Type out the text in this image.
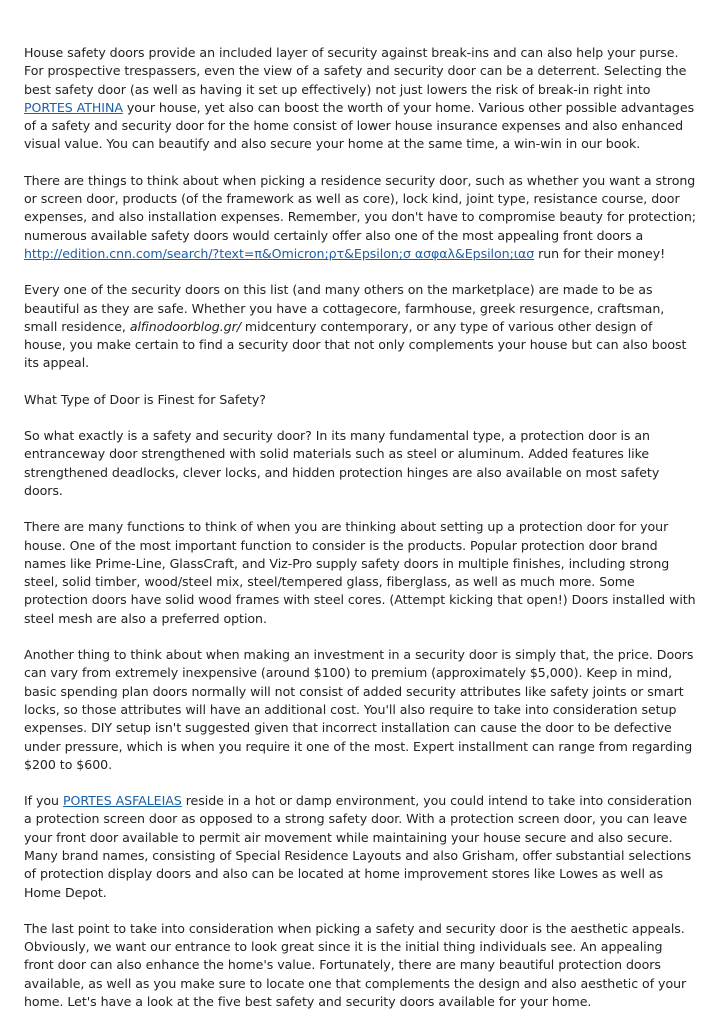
House safety doors provide an included layer of security against break-ins and can also help your purse. For prospective trespassers, even the view of a safety and security door can be a deterrent. Selecting the best safety door (as well as having it set up effectively) not just lowers the risk of break-in right into PORTES ATHINA your house, yet also can boost the worth of your home. Various other possible advantages of a safety and security door for the home consist of lower house insurance expenses and also enhanced visual value. You can beautify and also secure your home at the same time, a win-win in our book.

There are things to think about when picking a residence security door, such as whether you want a strong or screen door, products (of the framework as well as core), lock kind, joint type, resistance course, door expenses, and also installation expenses. Remember, you don't have to compromise beauty for protection; numerous available safety doors would certainly offer also one of the most appealing front doors a http://edition.cnn.com/search/?text=π&Omicron;ρτ&Epsilon;σ ασφαλ&Epsilon;ιασ run for their money!

Every one of the security doors on this list (and many others on the marketplace) are made to be as beautiful as they are safe. Whether you have a cottagecore, farmhouse, greek resurgence, craftsman, small residence, alfinodoorblog.gr/ midcentury contemporary, or any type of various other design of house, you make certain to find a security door that not only complements your house but can also boost its appeal.

What Type of Door is Finest for Safety?

So what exactly is a safety and security door? In its many fundamental type, a protection door is an entranceway door strengthened with solid materials such as steel or aluminum. Added features like strengthened deadlocks, clever locks, and hidden protection hinges are also available on most safety doors.

There are many functions to think of when you are thinking about setting up a protection door for your house. One of the most important function to consider is the products. Popular protection door brand names like Prime-Line, GlassCraft, and Viz-Pro supply safety doors in multiple finishes, including strong steel, solid timber, wood/steel mix, steel/tempered glass, fiberglass, as well as much more. Some protection doors have solid wood frames with steel cores. (Attempt kicking that open!) Doors installed with steel mesh are also a preferred option.

Another thing to think about when making an investment in a security door is simply that, the price. Doors can vary from extremely inexpensive (around $100) to premium (approximately $5,000). Keep in mind, basic spending plan doors normally will not consist of added security attributes like safety joints or smart locks, so those attributes will have an additional cost. You'll also require to take into consideration setup expenses. DIY setup isn't suggested given that incorrect installation can cause the door to be defective under pressure, which is when you require it one of the most. Expert installment can range from regarding $200 to $600.

If you PORTES ASFALEIAS reside in a hot or damp environment, you could intend to take into consideration a protection screen door as opposed to a strong safety door. With a protection screen door, you can leave your front door available to permit air movement while maintaining your house secure and also secure. Many brand names, consisting of Special Residence Layouts and also Grisham, offer substantial selections of protection display doors and also can be located at home improvement stores like Lowes as well as Home Depot.

The last point to take into consideration when picking a safety and security door is the aesthetic appeals. Obviously, we want our entrance to look great since it is the initial thing individuals see. An appealing front door can also enhance the home's value. Fortunately, there are many beautiful protection doors available, as well as you make sure to locate one that complements the design and also aesthetic of your home. Let's have a look at the five best safety and security doors available for your home.
